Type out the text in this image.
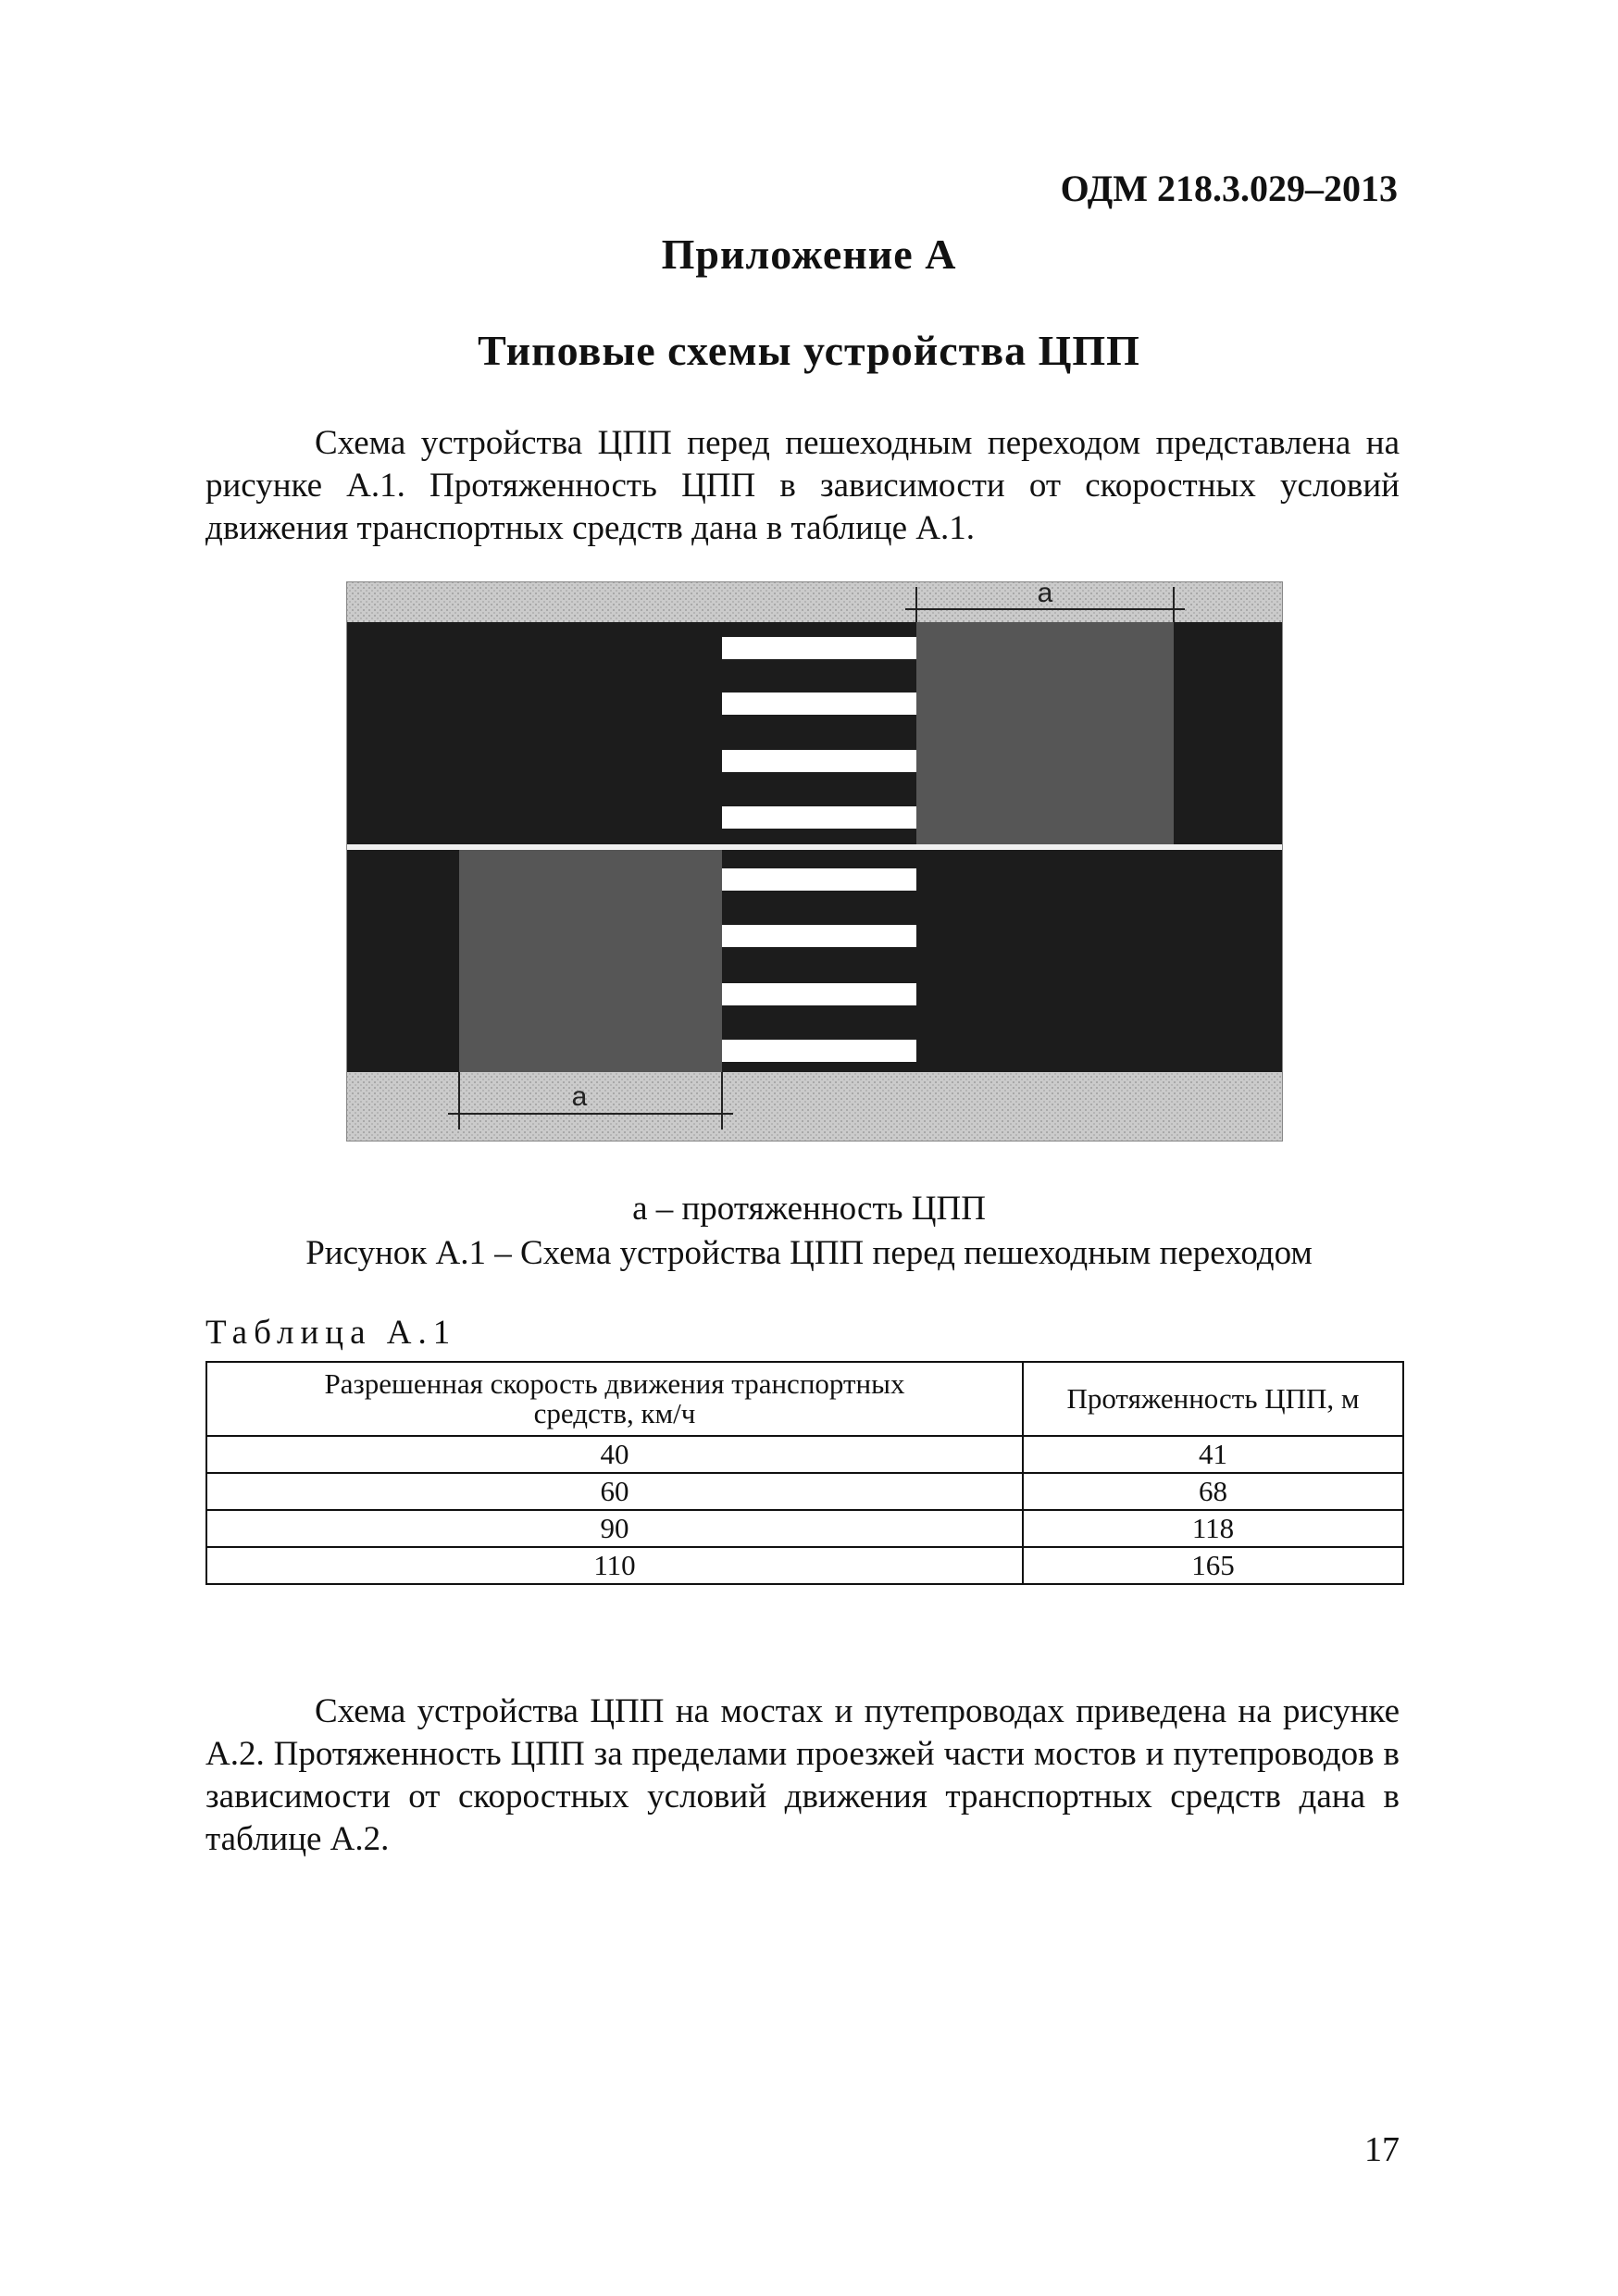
ОДМ 218.3.029–2013
Приложение А
Типовые схемы устройства ЦПП

Схема устройства ЦПП перед пешеходным переходом представлена на рисунке А.1. Протяженность ЦПП в зависимости от скоростных условий движения транспортных средств дана в таблице А.1.

a
a
а – протяженность ЦПП
Рисунок А.1 – Схема устройства ЦПП перед пешеходным переходом
Таблица А.1
Разрешенная скорость движения транспортных средств, км/ч	Протяженность ЦПП, м
40	41
60	68
90	118
110	165

Схема устройства ЦПП на мостах и путепроводах приведена на рисунке А.2. Протяженность ЦПП за пределами проезжей части мостов и путепроводов в зависимости от скоростных условий движения транспортных средств дана в таблице А.2.

17
